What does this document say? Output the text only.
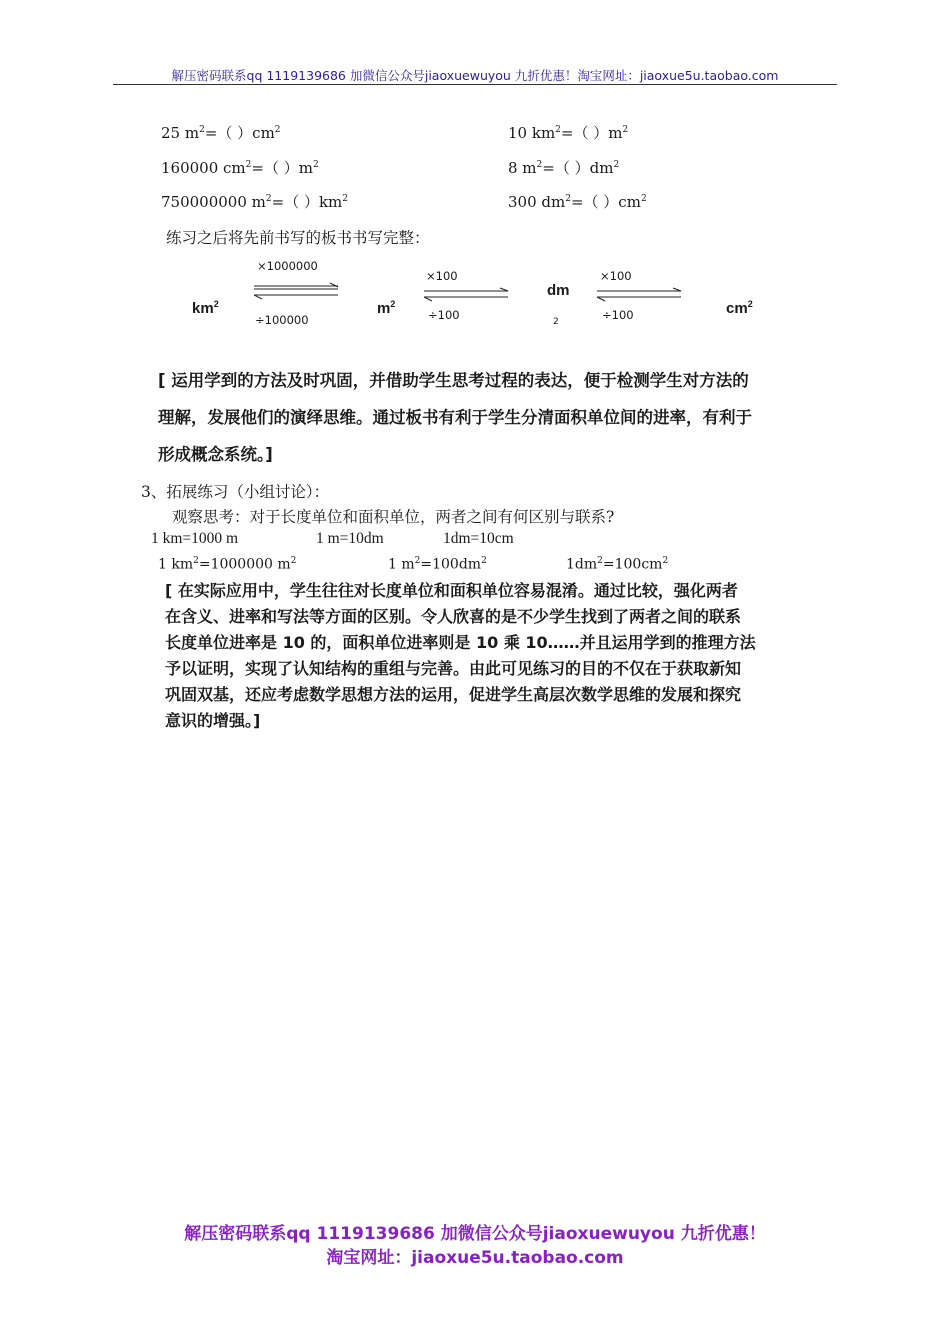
解压密码联系qq 1119139686 加微信公众号jiaoxuewuyou 九折优惠！淘宝网址：jiaoxue5u.taobao.com
25 $m^2=$（ ）$cm^2$	10 $km^2=$（ ）$m^2$
160000 $cm^2=$（ ）$m^2$	8 $m^2=$（ ）$dm^2$
750000000 $m^2=$（ ）$km^2$	300 $dm^2=$（ ）$cm^2$
练习之后将先前书写的板书书写完整：
$km^2$
×1000000
÷100000
$m^2$
×100
÷100
dm
2
×100
÷100	$cm^2$
[ 运用学到的方法及时巩固，并借助学生思考过程的表达，便于检测学生对方法的
理解，发展他们的演绎思维。通过板书有利于学生分清面积单位间的进率，有利于
形成概念系统。]
3、拓展练习（小组讨论）：
观察思考：对于长度单位和面积单位，两者之间有何区别与联系?
1 km=1000 m	1 m=10dm	1dm=10cm
1 $km^2=1000000$ $m^2$	1 $m^2=100dm^2$	$1dm^2=100cm^2$
[ 在实际应用中，学生往往对长度单位和面积单位容易混淆。通过比较，强化两者
在含义、进率和写法等方面的区别。令人欣喜的是不少学生找到了两者之间的联系
长度单位进率是 10 的，面积单位进率则是 10 乘 10……并且运用学到的推理方法
予以证明，实现了认知结构的重组与完善。由此可见练习的目的不仅在于获取新知
巩固双基，还应考虑数学思想方法的运用，促进学生高层次数学思维的发展和探究
意识的增强。]
解压密码联系qq 1119139686 加微信公众号jiaoxuewuyou 九折优惠！
淘宝网址：jiaoxue5u.taobao.com
